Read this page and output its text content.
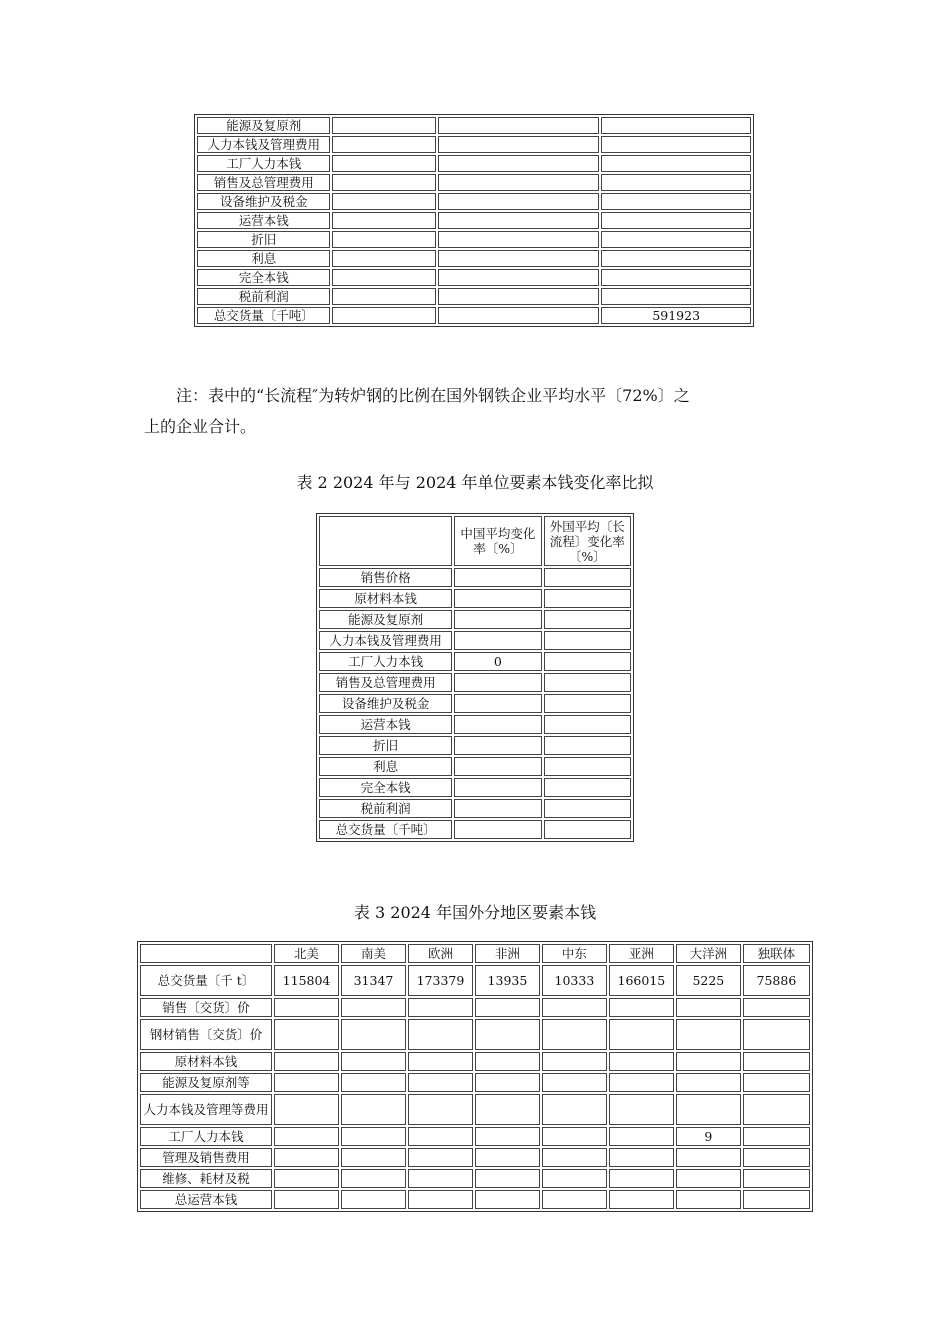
能源及复原剂			
人力本钱及管理费用			
工厂人力本钱			
销售及总管理费用			
设备维护及税金			
运营本钱			
折旧			
利息			
完全本钱			
税前利润			
总交货量〔千吨〕			591923
注：表中的“长流程″为转炉钢的比例在国外钢铁企业平均水平〔72%〕之
上的企业合计。
表 2 2024 年与 2024 年单位要素本钱变化率比拟
	中国平均变化率〔%〕	外国平均〔长流程〕变化率〔%〕
销售价格		
原材料本钱		
能源及复原剂		
人力本钱及管理费用		
工厂人力本钱	0	
销售及总管理费用		
设备维护及税金		
运营本钱		
折旧		
利息		
完全本钱		
税前利润		
总交货量〔千吨〕		
表 3 2024 年国外分地区要素本钱
	北美	南美	欧洲	非洲	中东	亚洲	大洋洲	独联体
总交货量〔千 t〕	115804	31347	173379	13935	10333	166015	5225	75886
销售〔交货〕价								
钢材销售〔交货〕价								
原材料本钱								
能源及复原剂等								
人力本钱及管理等费用								
工厂人力本钱							9	
管理及销售费用								
维修、耗材及税								
总运营本钱								
